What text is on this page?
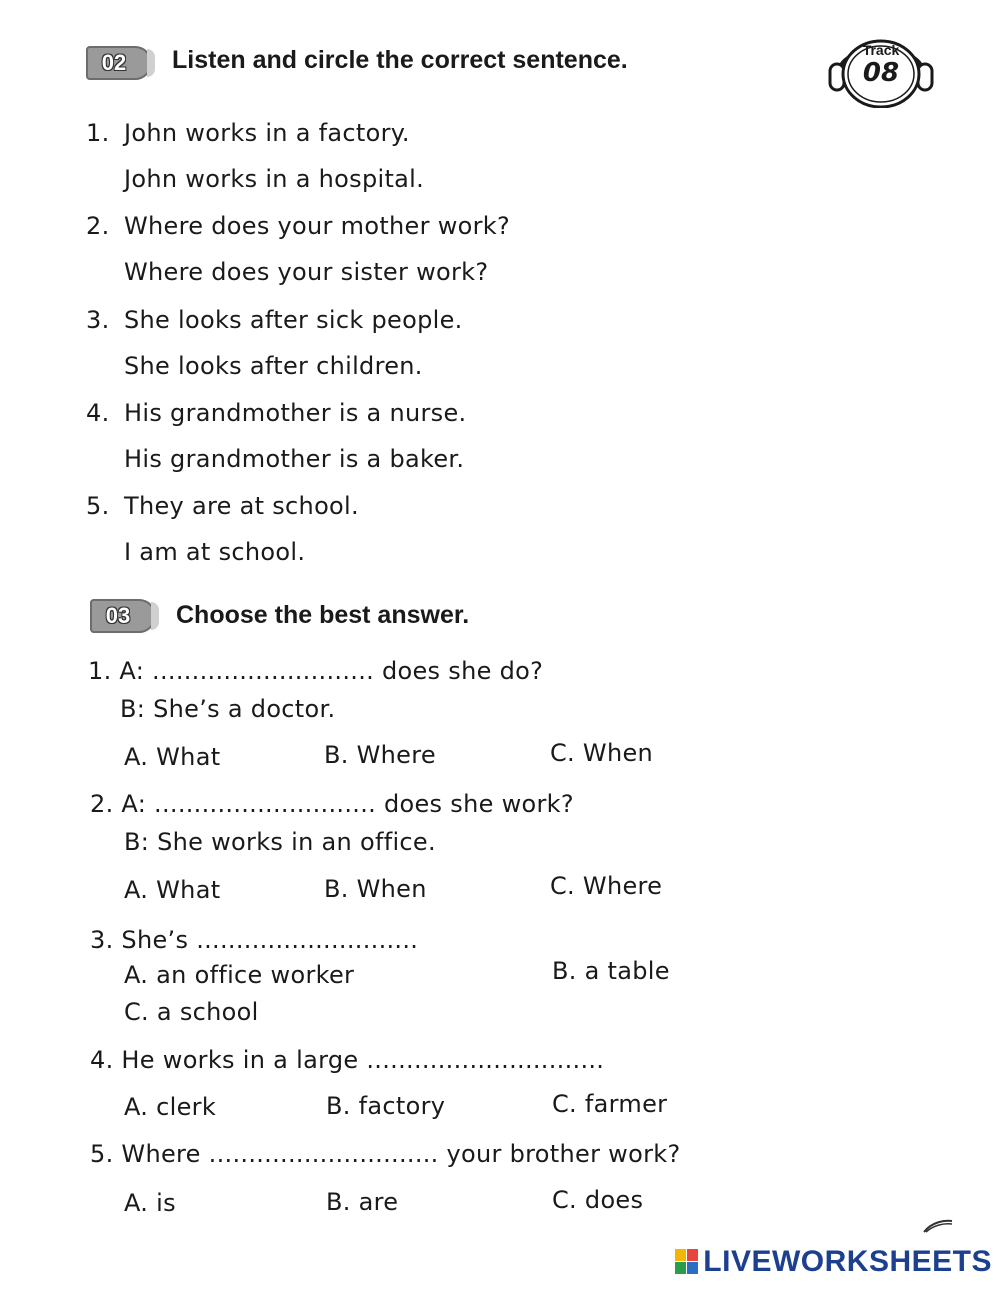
02	Listen and circle the correct sentence.	Track
08
1. John works in a factory.
John works in a hospital.
2. Where does your mother work?
Where does your sister work?
3. She looks after sick people.
She looks after children.
4. His grandmother is a nurse.
His grandmother is a baker.
5. They are at school.
I am at school.
03	Choose the best answer.
1. A: ............................ does she do?
B: She’s a doctor.
A. What	B. Where	C. When
2. A: ............................ does she work?
B: She works in an office.
A. What	B. When	C. Where
3. She’s ............................
A. an office worker	B. a table
C. a school
4. He works in a large ..............................
A. clerk	B. factory	C. farmer
5. Where ............................. your brother work?
A. is	B. are	C. does
LIVEWORKSHEETS
